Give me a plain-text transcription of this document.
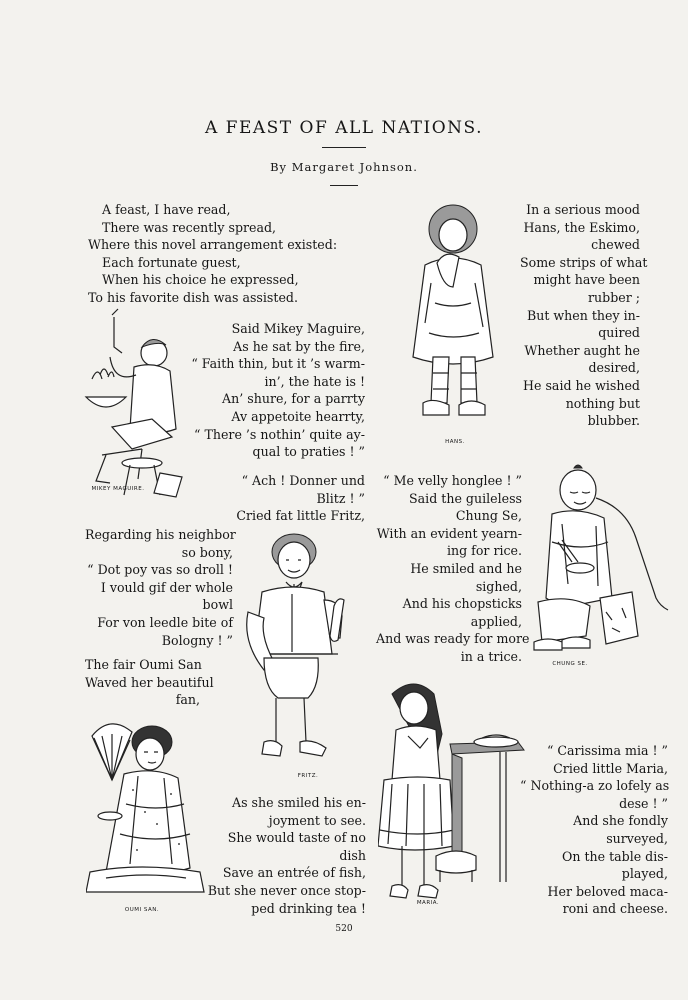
A FEAST OF ALL NATIONS.
By Margaret Johnson.
A feast, I have read,
There was recently spread,
Where this novel arrangement existed:
Each fortunate guest,
When his choice he expressed,
To his favorite dish was assisted.
In a serious mood
Hans, the Eskimo,
chewed
Some strips of what
might have been
rubber ;
But when they in-
quired
Whether aught he
desired,
He said he wished
nothing but
blubber.
Said Mikey Maguire,
As he sat by the fire,
“ Faith thin, but it ’s warm-
in’, the hate is !
An’ shure, for a parrty
Av appetoite hearrty,
“ There ’s nothin’ quite ay-
qual to praties ! ”
“ Ach ! Donner und
Blitz ! ”
Cried fat little Fritz,
Regarding his neighbor
so bony,
“ Dot poy vas so droll !
I vould gif der whole
bowl
For von leedle bite of
Bologny ! ”
“ Me velly honglee ! ”
Said the guileless
Chung Se,
With an evident yearn-
ing for rice.
He smiled and he
sighed,
And his chopsticks
applied,
And was ready for more
in a trice.
The fair Oumi San
Waved her beautiful
fan,
As she smiled his en-
joyment to see.
She would taste of no
dish
Save an entrée of fish,
But she never once stop-
ped drinking tea !
“ Carissima mia ! ”
Cried little Maria,
“ Nothing-a zo lofely as
dese ! ”
And she fondly
surveyed,
On the table dis-
played,
Her beloved maca-
roni and cheese.
MIKEY MAGUIRE.
HANS.
CHUNG SE.
FRITZ.
OUMI SAN.
MARIA.
520
